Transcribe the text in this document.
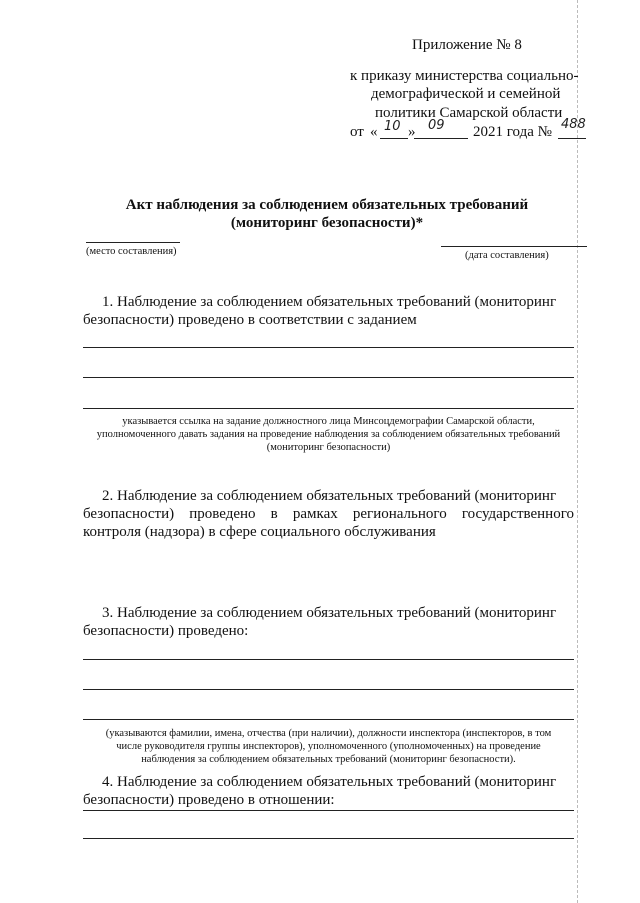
Приложение № 8
к приказу министерства социально-
демографической и семейной
политики Самарской области
от « 10 » 09 2021 года № 488
Акт наблюдения за соблюдением обязательных требований
(мониторинг безопасности)*
(место составления)	(дата составления)
1. Наблюдение за соблюдением обязательных требований (мониторинг
безопасности) проведено в соответствии с заданием
указывается ссылка на задание должностного лица Минсоцдемографии Самарской области,
уполномоченного давать задания на проведение наблюдения за соблюдением обязательных требований
(мониторинг безопасности)
2. Наблюдение за соблюдением обязательных требований (мониторинг
безопасности) проведено в рамках регионального государственного
контроля (надзора) в сфере социального обслуживания
3. Наблюдение за соблюдением обязательных требований (мониторинг
безопасности) проведено:
(указываются фамилии, имена, отчества (при наличии), должности инспектора (инспекторов, в том
числе руководителя группы инспекторов), уполномоченного (уполномоченных) на проведение
наблюдения за соблюдением обязательных требований (мониторинг безопасности).
4. Наблюдение за соблюдением обязательных требований (мониторинг
безопасности) проведено в отношении:
